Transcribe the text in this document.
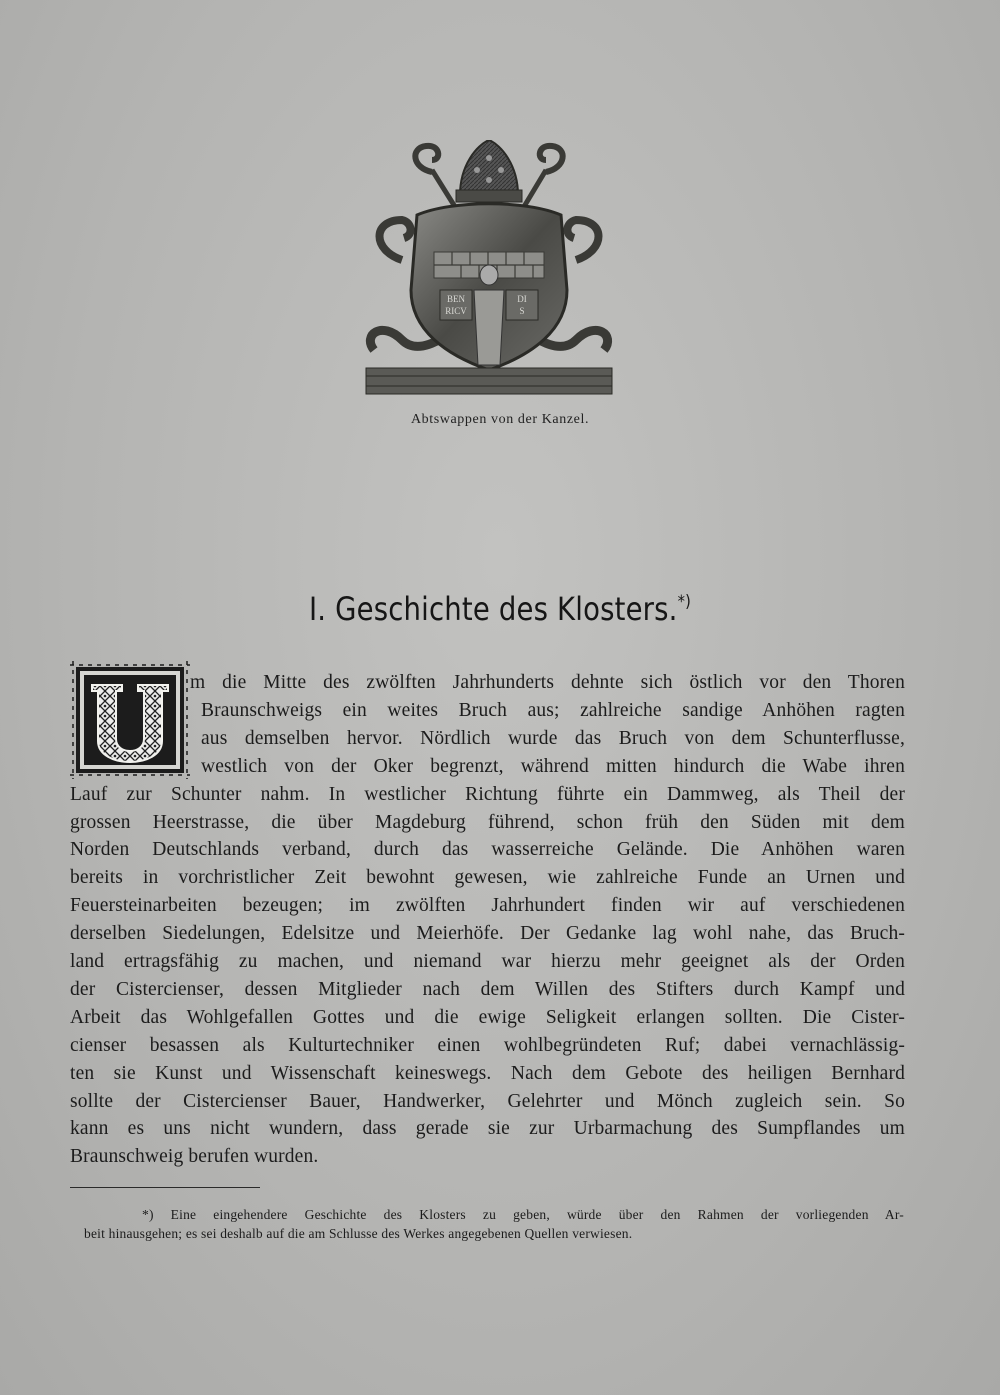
BEN
RICV
DI
S
Abtswappen von der Kanzel.
I. Geschichte des Klosters.*)
U
m die Mitte des zwölften Jahrhunderts dehnte sich östlich vor den Thoren
Braunschweigs ein weites Bruch aus; zahlreiche sandige Anhöhen ragten
aus demselben hervor. Nördlich wurde das Bruch von dem Schunterflusse,
westlich von der Oker begrenzt, während mitten hindurch die Wabe ihren
Lauf zur Schunter nahm. In westlicher Richtung führte ein Dammweg, als Theil der
grossen Heerstrasse, die über Magdeburg führend, schon früh den Süden mit dem
Norden Deutschlands verband, durch das wasserreiche Gelände. Die Anhöhen waren
bereits in vorchristlicher Zeit bewohnt gewesen, wie zahlreiche Funde an Urnen und
Feuersteinarbeiten bezeugen; im zwölften Jahrhundert finden wir auf verschiedenen
derselben Siedelungen, Edelsitze und Meierhöfe. Der Gedanke lag wohl nahe, das Bruch-
land ertragsfähig zu machen, und niemand war hierzu mehr geeignet als der Orden
der Cistercienser, dessen Mitglieder nach dem Willen des Stifters durch Kampf und
Arbeit das Wohlgefallen Gottes und die ewige Seligkeit erlangen sollten. Die Cister-
cienser besassen als Kulturtechniker einen wohlbegründeten Ruf; dabei vernachlässig-
ten sie Kunst und Wissenschaft keineswegs. Nach dem Gebote des heiligen Bernhard
sollte der Cistercienser Bauer, Handwerker, Gelehrter und Mönch zugleich sein. So
kann es uns nicht wundern, dass gerade sie zur Urbarmachung des Sumpflandes um
Braunschweig berufen wurden.
*) Eine eingehendere Geschichte des Klosters zu geben, würde über den Rahmen der vorliegenden Ar-
beit hinausgehen; es sei deshalb auf die am Schlusse des Werkes angegebenen Quellen verwiesen.
